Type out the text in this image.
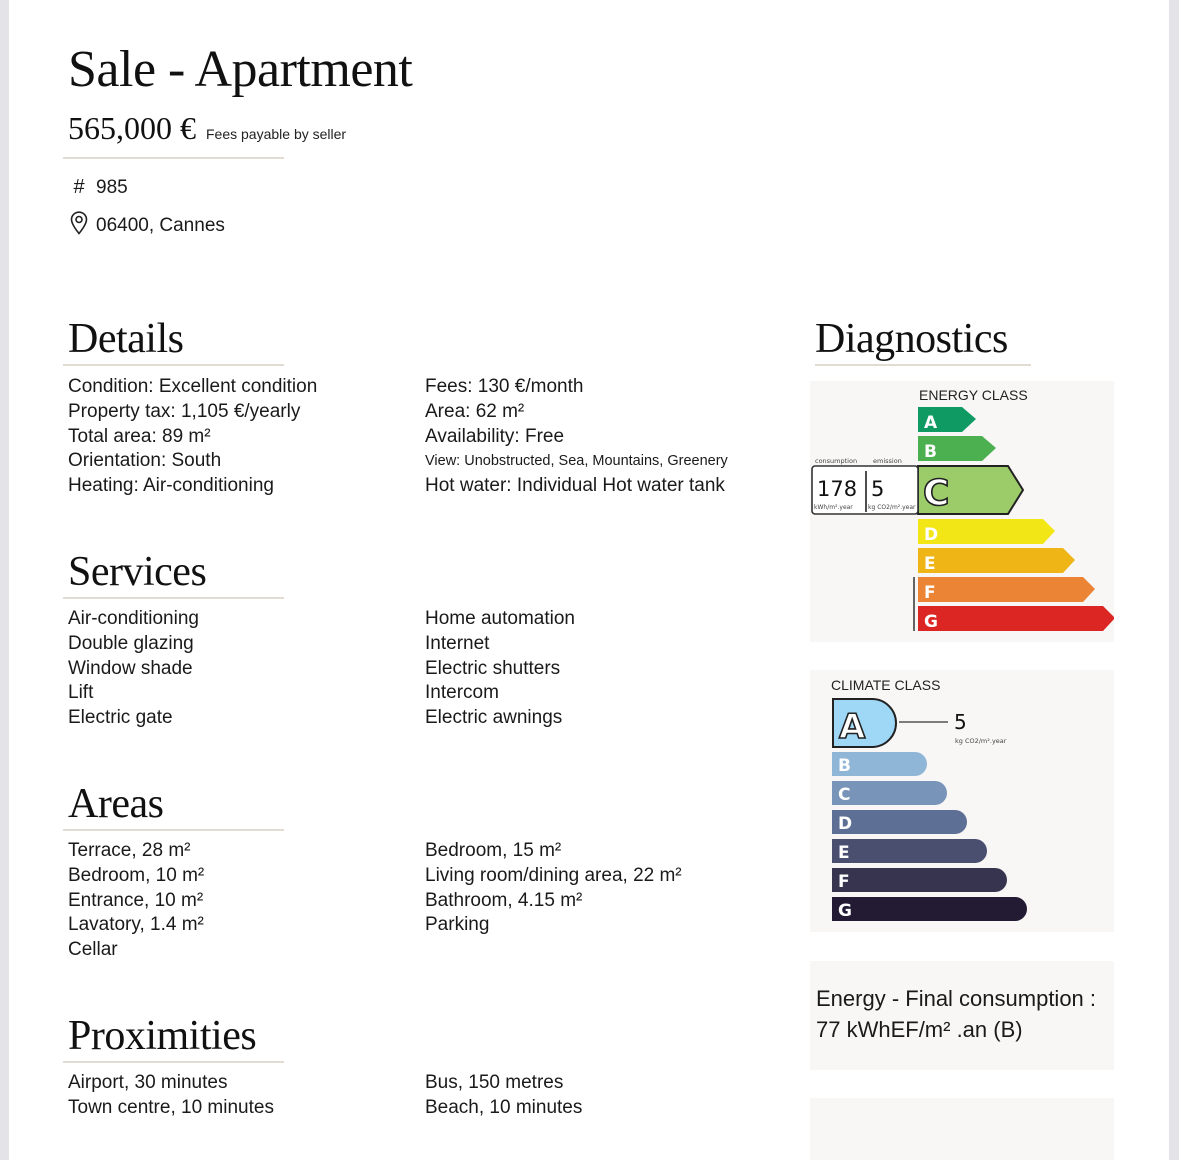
Sale - Apartment
565,000 € Fees payable by seller
# 985
06400, Cannes
Details
Condition: Excellent condition
Property tax: 1,105 €/yearly
Total area: 89 m²
Orientation: South
Heating: Air-conditioning
Fees: 130 €/month
Area: 62 m²
Availability: Free
View: Unobstructed, Sea, Mountains, Greenery
Hot water: Individual Hot water tank
Services
Air-conditioning
Double glazing
Window shade
Lift
Electric gate
Home automation
Internet
Electric shutters
Intercom
Electric awnings
Areas
Terrace, 28 m²
Bedroom, 10 m²
Entrance, 10 m²
Lavatory, 1.4 m²
Cellar
Bedroom, 15 m²
Living room/dining area, 22 m²
Bathroom, 4.15 m²
Parking
Proximities
Airport, 30 minutes
Town centre, 10 minutes
Bus, 150 metres
Beach, 10 minutes
Diagnostics
ENERGY CLASS
A
B
C
consumption emission
178 5
kWh/m².year	kg CO2/m².year
D
E
F
G
CLIMATE CLASS
A	5
kg CO2/m².year
B
C
D
E
F
G
Energy - Final consumption :
77 kWhEF/m² .an (B)
